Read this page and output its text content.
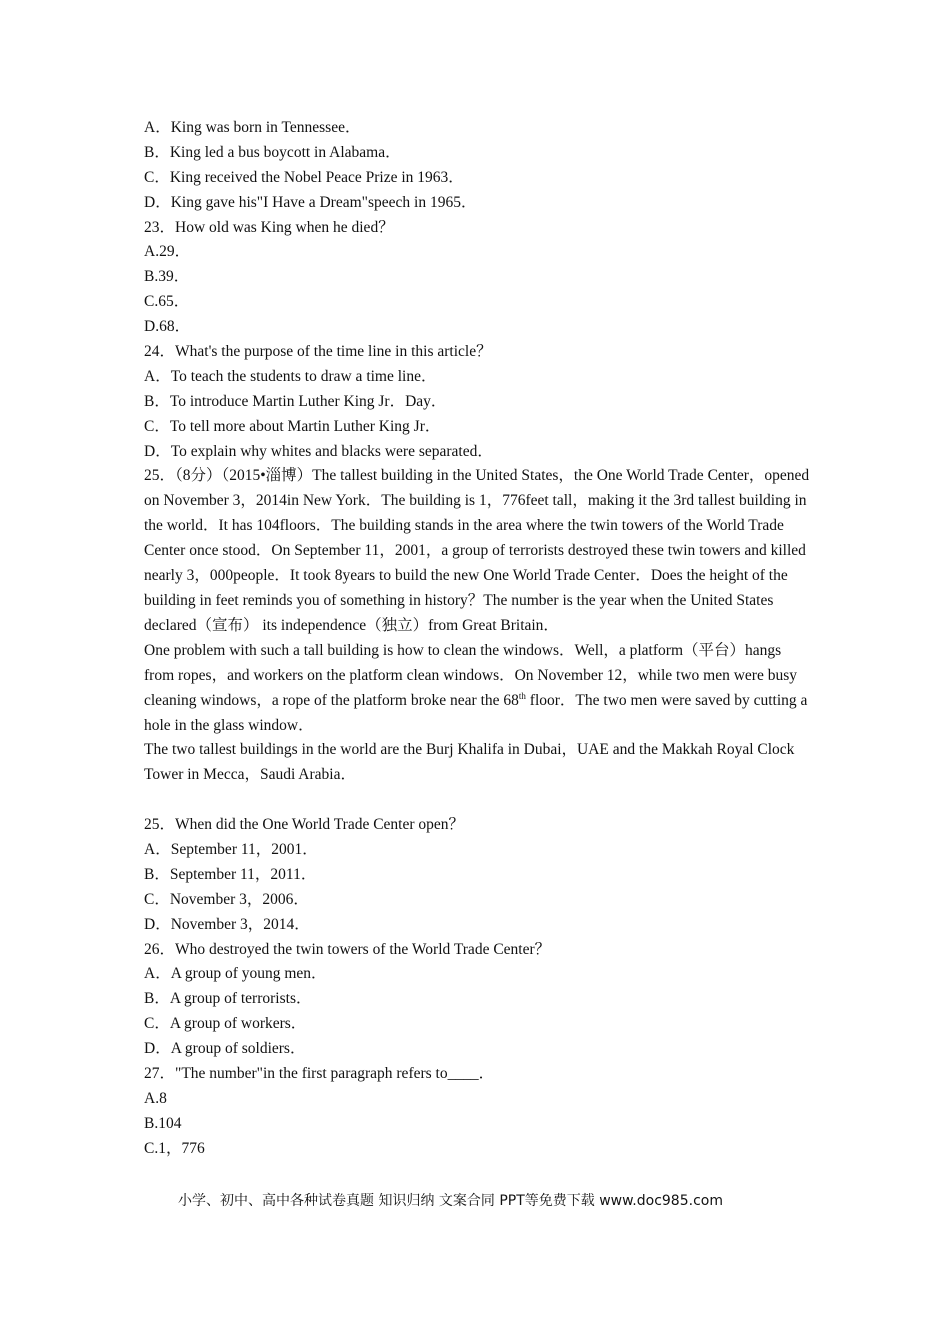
A．King was born in Tennessee．
B．King led a bus boycott in Alabama．
C．King received the Nobel Peace Prize in 1963．
D．King gave his"I Have a Dream"speech in 1965．
23．How old was King when he died？
A.29．
B.39．
C.65．
D.68．
24．What's the purpose of the time line in this article？
A．To teach the students to draw a time line．
B．To introduce Martin Luther King Jr．Day．
C．To tell more about Martin Luther King Jr．
D．To explain why whites and blacks were separated．
25．（8分）（2015•淄博）The tallest building in the United States，the One World Trade Center，opened on November 3，2014in New York．The building is 1，776feet tall，making it the 3rd tallest building in the world．It has 104floors．The building stands in the area where the twin towers of the World Trade Center once stood．On September 11，2001，a group of terrorists destroyed these twin towers and killed nearly 3，000people．It took 8years to build the new One World Trade Center．Does the height of the building in feet reminds you of something in history？The number is the year when the United States declared（宣布） its independence（独立）from Great Britain．
One problem with such a tall building is how to clean the windows．Well，a platform（平台）hangs from ropes，and workers on the platform clean windows．On November 12，while two men were busy cleaning windows，a rope of the platform broke near the 68th floor．The two men were saved by cutting a hole in the glass window．
The two tallest buildings in the world are the Burj Khalifa in Dubai，UAE and the Makkah Royal Clock Tower in Mecca，Saudi Arabia．
25．When did the One World Trade Center open？
A．September 11，2001．
B．September 11，2011．
C．November 3，2006．
D．November 3，2014．
26．Who destroyed the twin towers of the World Trade Center？
A．A group of young men．
B．A group of terrorists．
C．A group of workers．
D．A group of soldiers．
27．"The number"in the first paragraph refers to____．
A.8
B.104
C.1，776
小学、初中、高中各种试卷真题 知识归纳 文案合同 PPT等免费下载 www.doc985.com
